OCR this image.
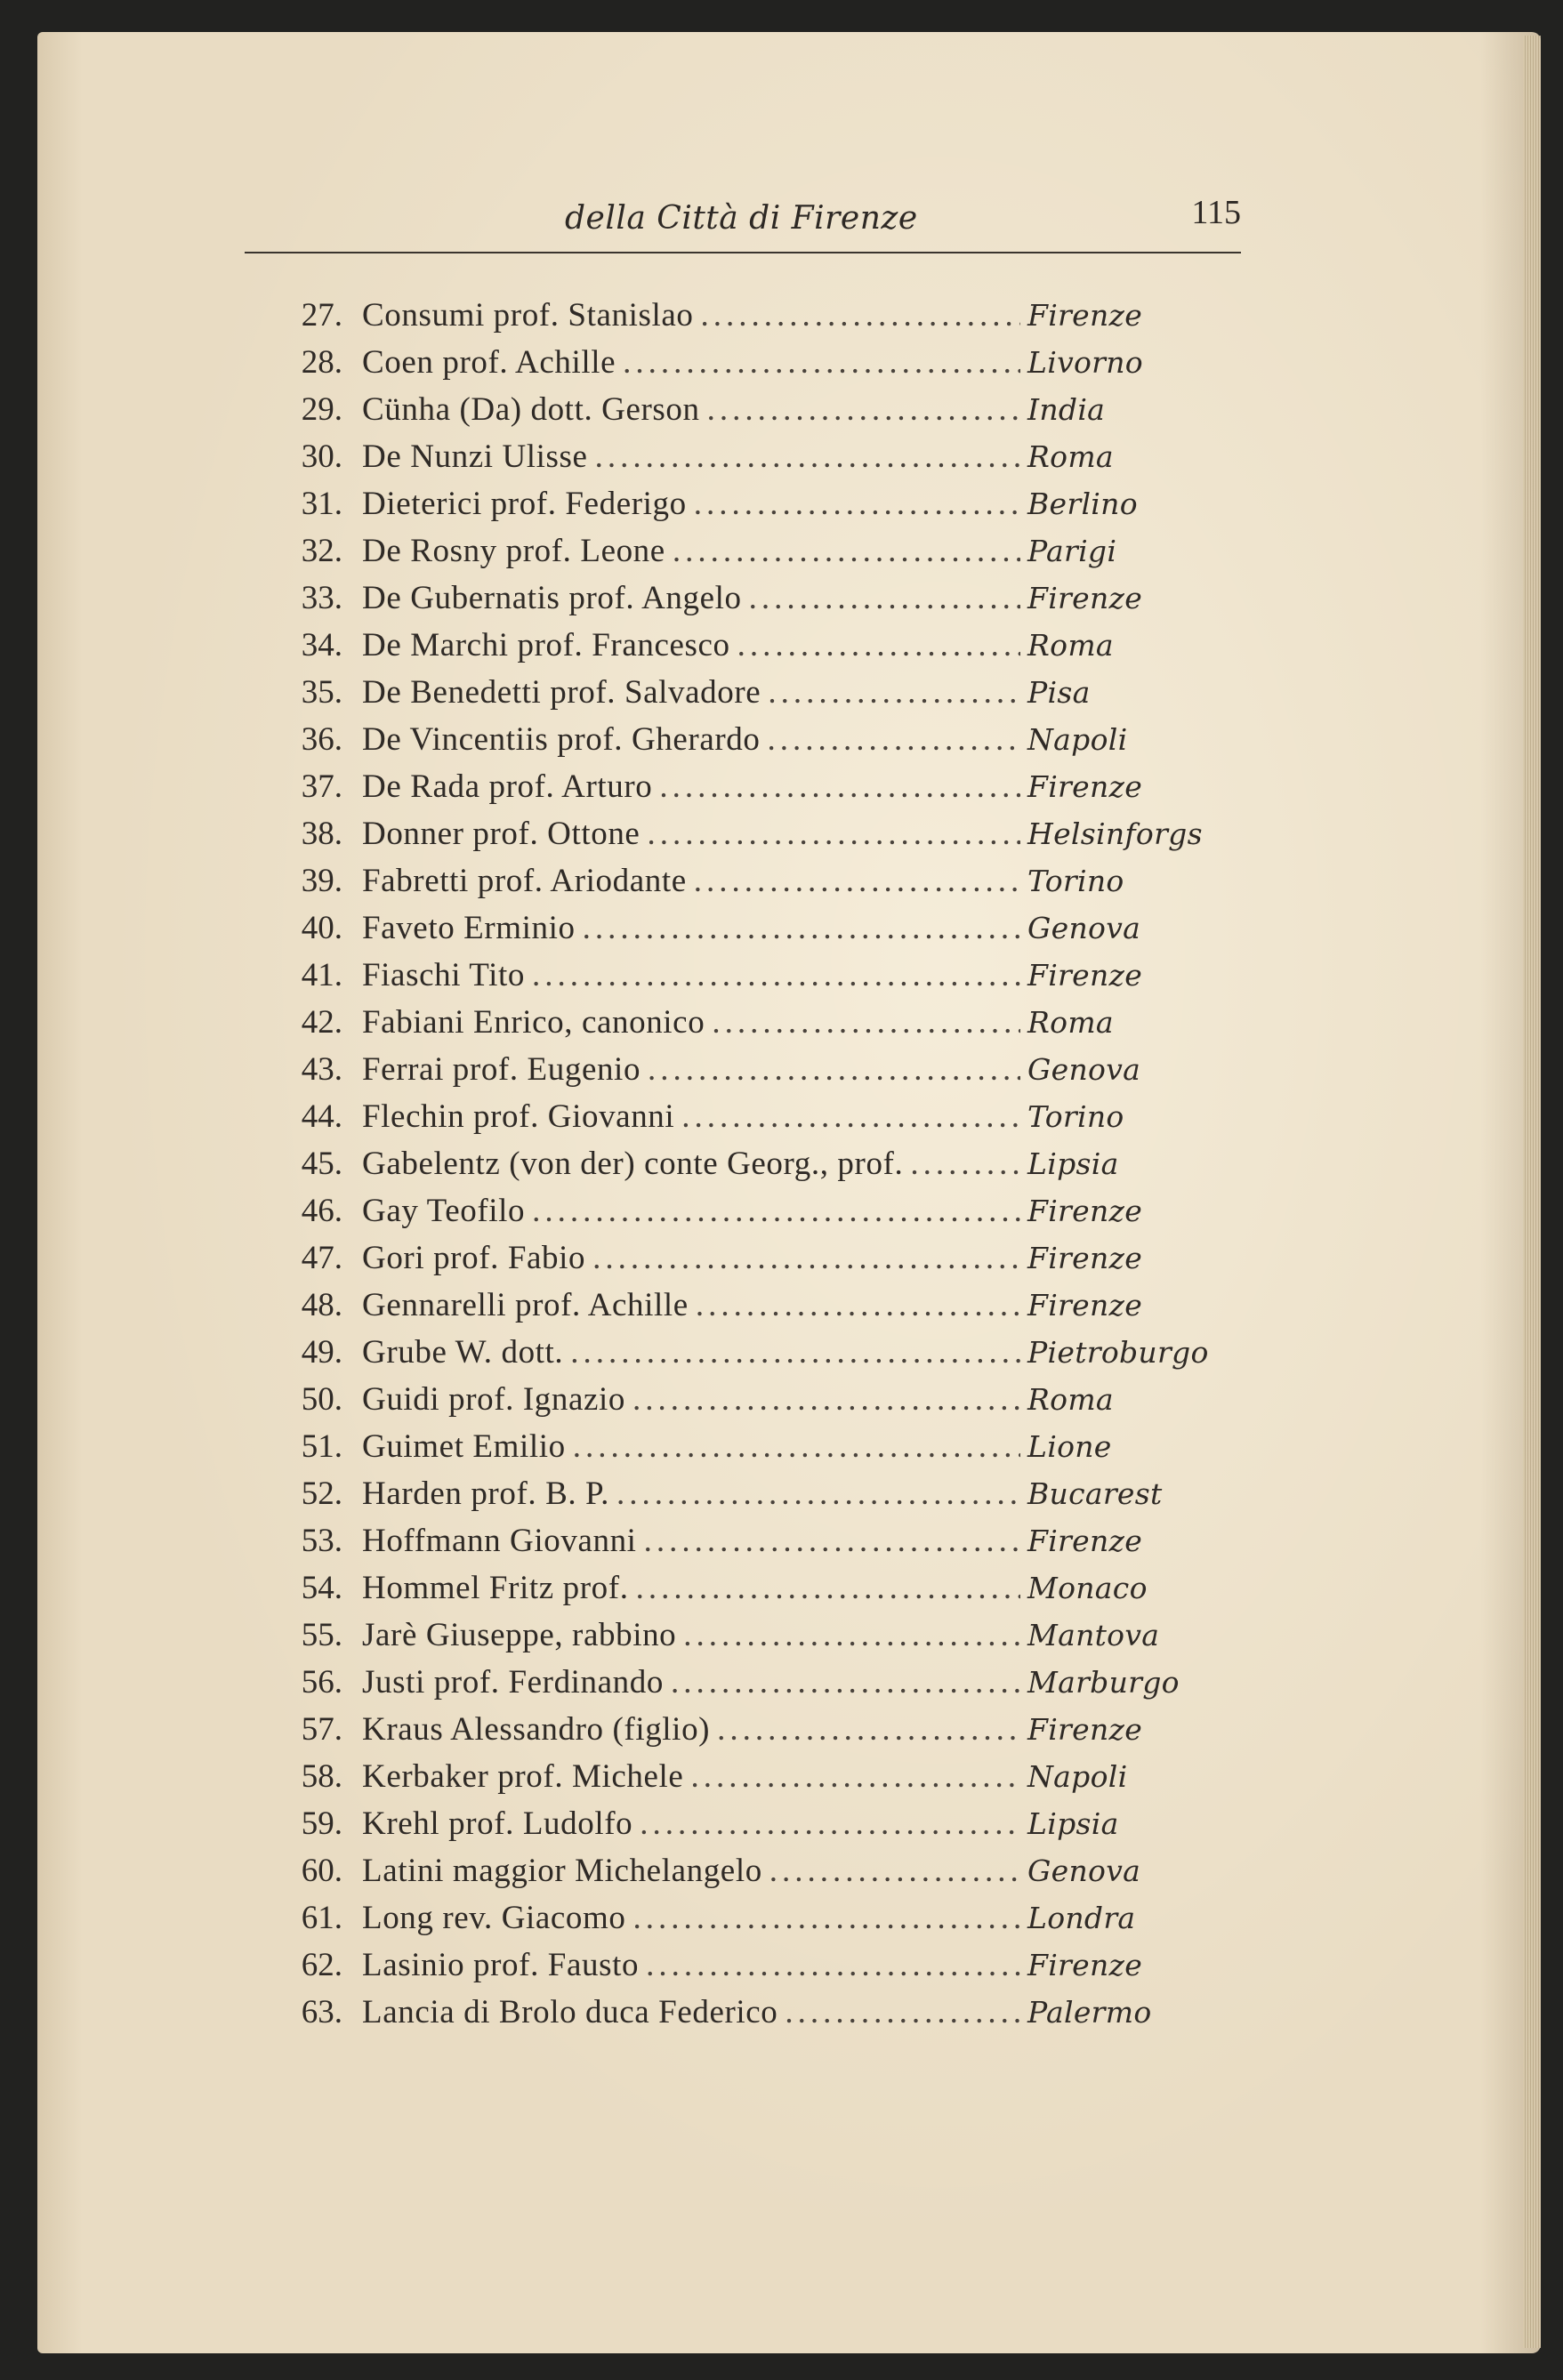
della Città di Firenze	115
27. Consumi prof. Stanislao .....	Firenze
28. Coen prof. Achille .....	Livorno
29. Cünha (Da) dott. Gerson .....	India
30. De Nunzi Ulisse .....	Roma
31. Dieterici prof. Federigo .....	Berlino
32. De Rosny prof. Leone .....	Parigi
33. De Gubernatis prof. Angelo .....	Firenze
34. De Marchi prof. Francesco .....	Roma
35. De Benedetti prof. Salvadore .....	Pisa
36. De Vincentiis prof. Gherardo .....	Napoli
37. De Rada prof. Arturo .....	Firenze
38. Donner prof. Ottone .....	Helsinforgs
39. Fabretti prof. Ariodante .....	Torino
40. Faveto Erminio .....	Genova
41. Fiaschi Tito .....	Firenze
42. Fabiani Enrico, canonico .....	Roma
43. Ferrai prof. Eugenio .....	Genova
44. Flechin prof. Giovanni .....	Torino
45. Gabelentz (von der) conte Georg., prof. .....	Lipsia
46. Gay Teofilo .....	Firenze
47. Gori prof. Fabio .....	Firenze
48. Gennarelli prof. Achille .....	Firenze
49. Grube W. dott. .....	Pietroburgo
50. Guidi prof. Ignazio .....	Roma
51. Guimet Emilio .....	Lione
52. Harden prof. B. P. .....	Bucarest
53. Hoffmann Giovanni .....	Firenze
54. Hommel Fritz prof. .....	Monaco
55. Jarè Giuseppe, rabbino .....	Mantova
56. Justi prof. Ferdinando .....	Marburgo
57. Kraus Alessandro (figlio) .....	Firenze
58. Kerbaker prof. Michele .....	Napoli
59. Krehl prof. Ludolfo .....	Lipsia
60. Latini maggior Michelangelo .....	Genova
61. Long rev. Giacomo .....	Londra
62. Lasinio prof. Fausto .....	Firenze
63. Lancia di Brolo duca Federico .....	Palermo
